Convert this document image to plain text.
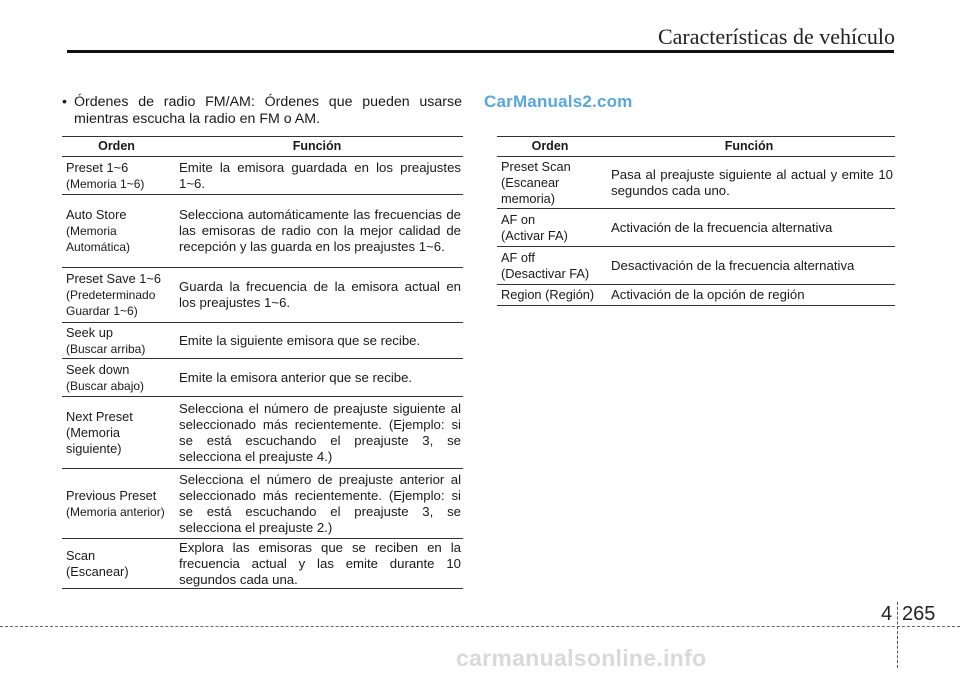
Características de vehículo
• Órdenes de radio FM/AM: Órdenes que pueden usarse mientras escucha la radio en FM o AM.
CarManuals2.com
Orden	Función

Preset 1~6
(Memoria 1~6)	Emite la emisora guardada en los preajustes 1~6.

Auto Store
(Memoria Automática)	Selecciona automáticamente las frecuencias de las emisoras de radio con la mejor calidad de recepción y las guarda en los preajustes 1~6.

Preset Save 1~6
(Predeterminado Guardar 1~6)	Guarda la frecuencia de la emisora actual en los preajustes 1~6.

Seek up
(Buscar arriba)	Emite la siguiente emisora que se recibe.

Seek down
(Buscar abajo)	Emite la emisora anterior que se recibe.

Next Preset
(Memoria siguiente)	Selecciona el número de preajuste siguiente al seleccionado más recientemente. (Ejemplo: si se está escuchando el preajuste 3, se selecciona el preajuste 4.)

Previous Preset
(Memoria anterior)	Selecciona el número de preajuste anterior al seleccionado más recientemente. (Ejemplo: si se está escuchando el preajuste 3, se selecciona el preajuste 2.)

Scan
(Escanear)	Explora las emisoras que se reciben en la frecuencia actual y las emite durante 10 segundos cada una.
Orden	Función

Preset Scan
(Escanear memoria)	Pasa al preajuste siguiente al actual y emite 10 segundos cada uno.

AF on
(Activar FA)	Activación de la frecuencia alternativa

AF off
(Desactivar FA)	Desactivación de la frecuencia alternativa

Region (Región)	Activación de la opción de región
4 265
carmanualsonline.info
